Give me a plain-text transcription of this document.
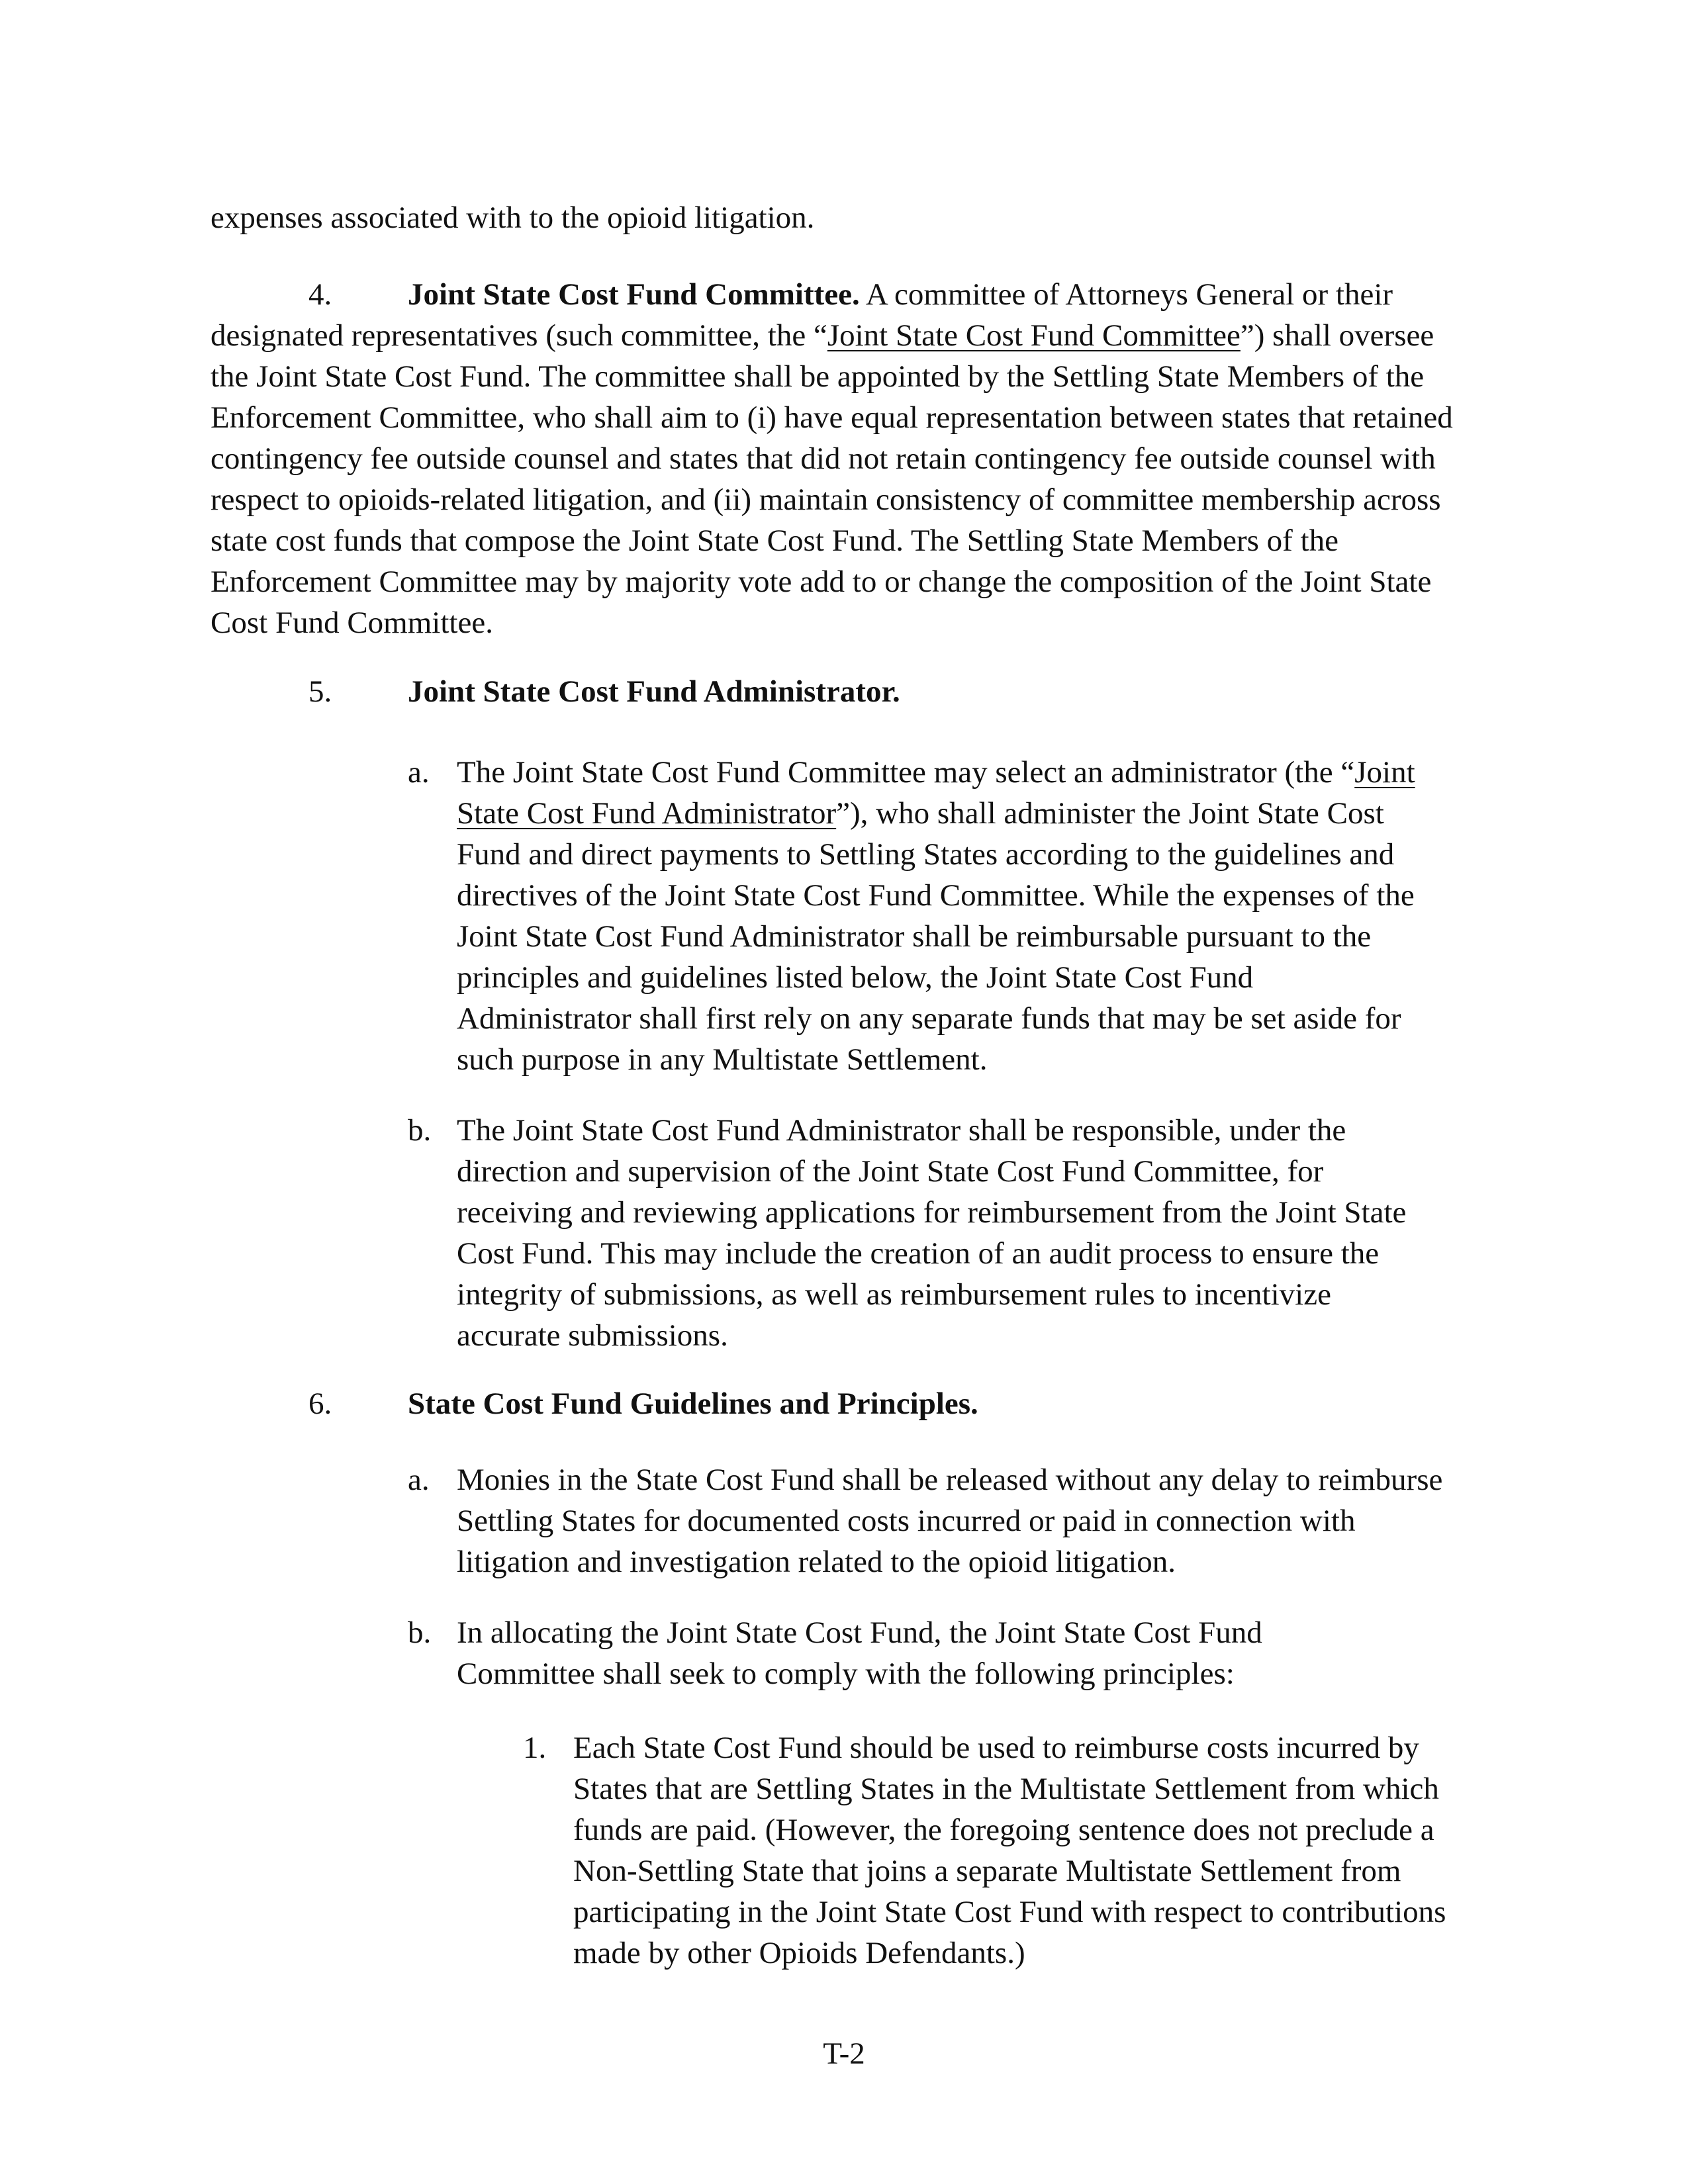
expenses associated with to the opioid litigation.

4.	Joint State Cost Fund Committee. A committee of Attorneys General or their designated representatives (such committee, the “Joint State Cost Fund Committee”) shall oversee the Joint State Cost Fund. The committee shall be appointed by the Settling State Members of the Enforcement Committee, who shall aim to (i) have equal representation between states that retained contingency fee outside counsel and states that did not retain contingency fee outside counsel with respect to opioids-related litigation, and (ii) maintain consistency of committee membership across state cost funds that compose the Joint State Cost Fund. The Settling State Members of the Enforcement Committee may by majority vote add to or change the composition of the Joint State Cost Fund Committee.

5. Joint State Cost Fund Administrator.
a. The Joint State Cost Fund Committee may select an administrator (the “Joint State Cost Fund Administrator”), who shall administer the Joint State Cost Fund and direct payments to Settling States according to the guidelines and directives of the Joint State Cost Fund Committee. While the expenses of the Joint State Cost Fund Administrator shall be reimbursable pursuant to the principles and guidelines listed below, the Joint State Cost Fund Administrator shall first rely on any separate funds that may be set aside for such purpose in any Multistate Settlement.

b. The Joint State Cost Fund Administrator shall be responsible, under the direction and supervision of the Joint State Cost Fund Committee, for receiving and reviewing applications for reimbursement from the Joint State Cost Fund. This may include the creation of an audit process to ensure the integrity of submissions, as well as reimbursement rules to incentivize accurate submissions.

6. State Cost Fund Guidelines and Principles.
a. Monies in the State Cost Fund shall be released without any delay to reimburse Settling States for documented costs incurred or paid in connection with litigation and investigation related to the opioid litigation.

b. In allocating the Joint State Cost Fund, the Joint State Cost Fund Committee shall seek to comply with the following principles:

1. Each State Cost Fund should be used to reimburse costs incurred by States that are Settling States in the Multistate Settlement from which funds are paid. (However, the foregoing sentence does not preclude a Non-Settling State that joins a separate Multistate Settlement from participating in the Joint State Cost Fund with respect to contributions made by other Opioids Defendants.)

T-2
